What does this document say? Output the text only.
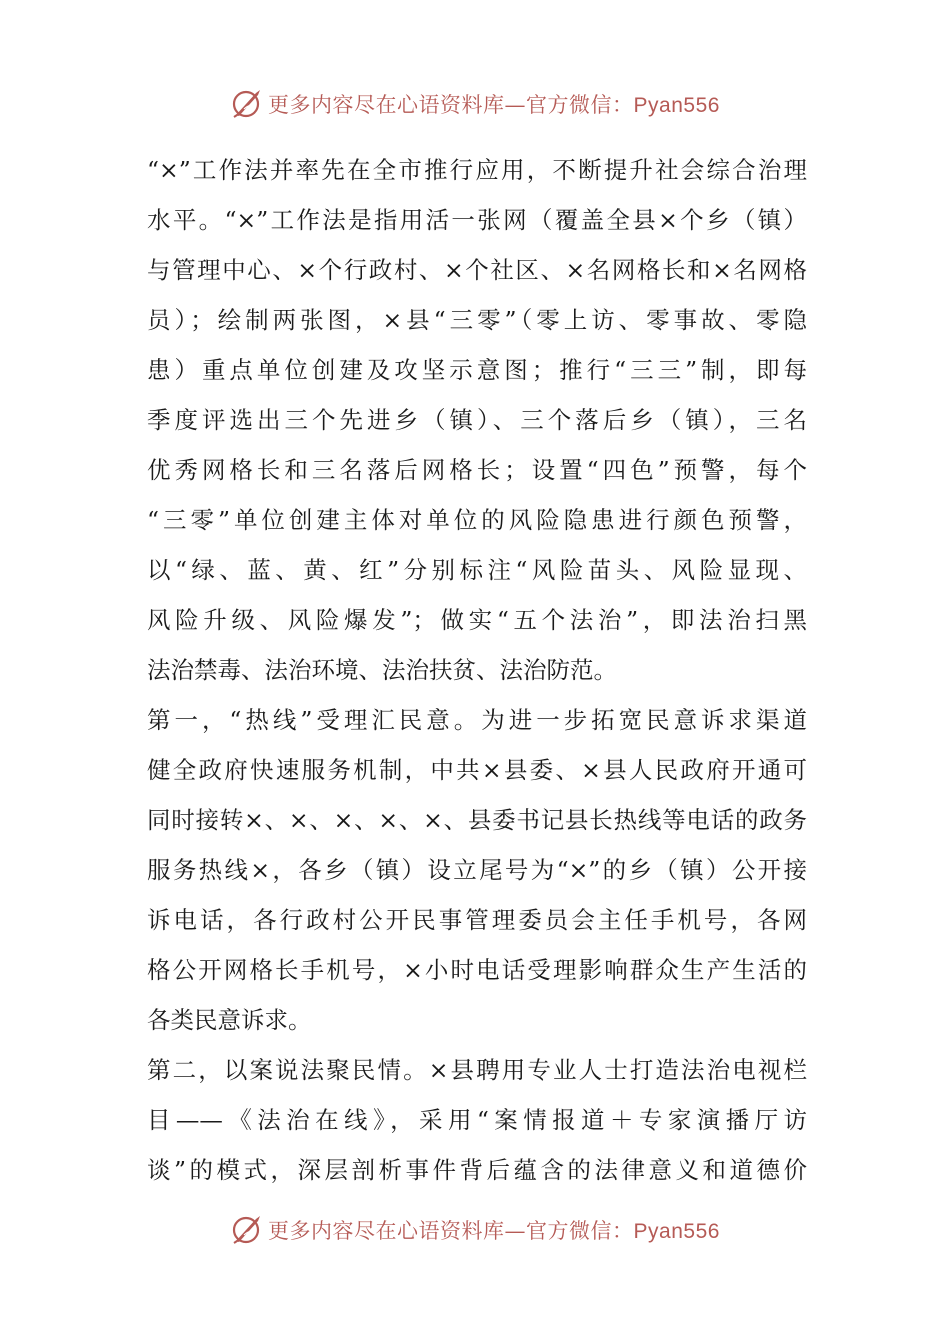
更多内容尽在心语资料库—官方微信：Pyan556
“×”工作法并率先在全市推行应用，不断提升社会综合治理
水平。“×”工作法是指用活一张网（覆盖全县×个乡（镇）
与管理中心、×个行政村、×个社区、×名网格长和×名网格
员）；绘制两张图，×县“三零”（零上访、零事故、零隐
患）重点单位创建及攻坚示意图；推行“三三”制，即每
季度评选出三个先进乡（镇）、三个落后乡（镇），三名
优秀网格长和三名落后网格长；设置“四色”预警，每个
“三零”单位创建主体对单位的风险隐患进行颜色预警，
以“绿、蓝、黄、红”分别标注“风险苗头、风险显现、
风险升级、风险爆发”；做实“五个法治”，即法治扫黑
法治禁毒、法治环境、法治扶贫、法治防范。
第一，“热线”受理汇民意。为进一步拓宽民意诉求渠道
健全政府快速服务机制，中共×县委、×县人民政府开通可
同时接转×、×、×、×、×、县委书记县长热线等电话的政务
服务热线×，各乡（镇）设立尾号为“×”的乡（镇）公开接
诉电话，各行政村公开民事管理委员会主任手机号，各网
格公开网格长手机号，×小时电话受理影响群众生产生活的
各类民意诉求。
第二，以案说法聚民情。×县聘用专业人士打造法治电视栏
目——《法治在线》，采用“案情报道＋专家演播厅访
谈”的模式，深层剖析事件背后蕴含的法律意义和道德价
更多内容尽在心语资料库—官方微信：Pyan556
